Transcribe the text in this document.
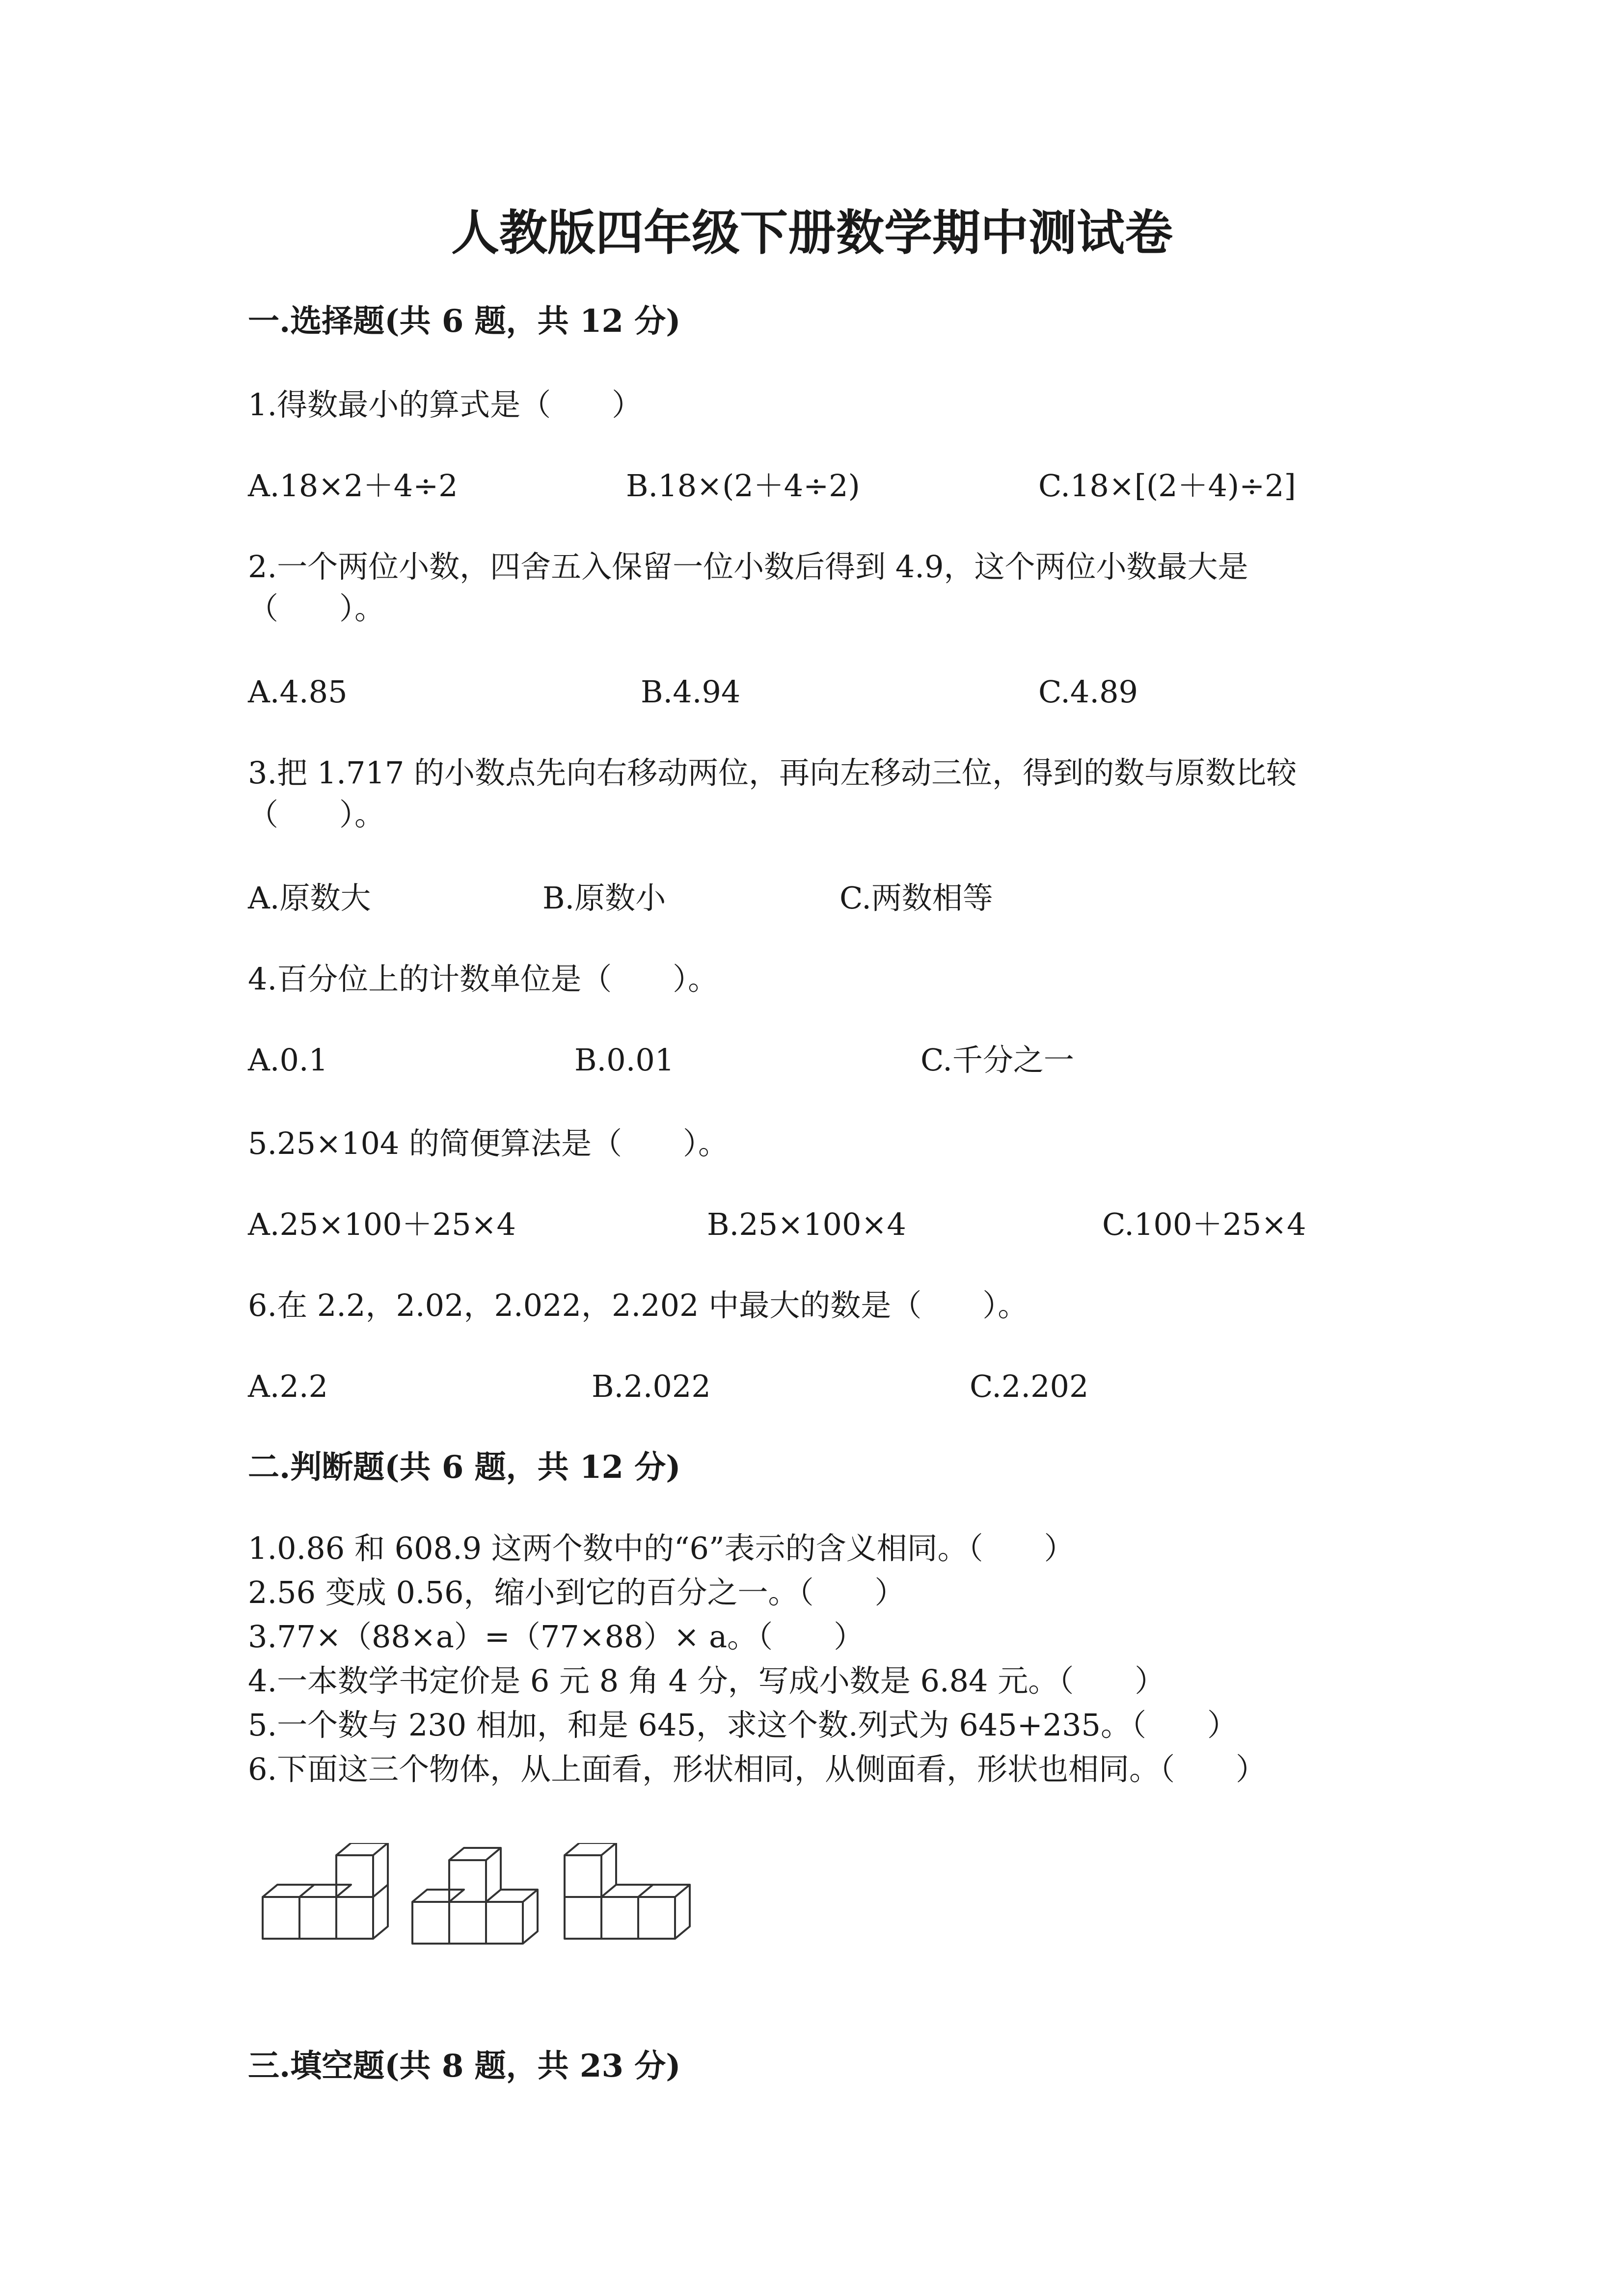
人教版四年级下册数学期中测试卷
一.选择题(共 6 题，共 12 分)
1.得数最小的算式是（　　）
A.18×2＋4÷2	B.18×(2＋4÷2)	C.18×[(2＋4)÷2]
2.一个两位小数，四舍五入保留一位小数后得到 4.9，这个两位小数最大是
（　　）。
A.4.85	B.4.94	C.4.89
3.把 1.717 的小数点先向右移动两位，再向左移动三位，得到的数与原数比较
（　　）。
A.原数大	B.原数小	C.两数相等
4.百分位上的计数单位是（　　）。
A.0.1	B.0.01	C.千分之一
5.25×104 的简便算法是（　　）。
A.25×100＋25×4	B.25×100×4	C.100＋25×4
6.在 2.2，2.02，2.022，2.202 中最大的数是（　　）。
A.2.2	B.2.022	C.2.202
二.判断题(共 6 题，共 12 分)
1.0.86 和 608.9 这两个数中的“6”表示的含义相同。（　　）
2.56 变成 0.56，缩小到它的百分之一。（　　）
3.77×（88×a）=（77×88）× a。（　　）
4.一本数学书定价是 6 元 8 角 4 分，写成小数是 6.84 元。（　　）
5.一个数与 230 相加，和是 645，求这个数.列式为 645+235。（　　）
6.下面这三个物体，从上面看，形状相同，从侧面看，形状也相同。（　　）
三.填空题(共 8 题，共 23 分)
